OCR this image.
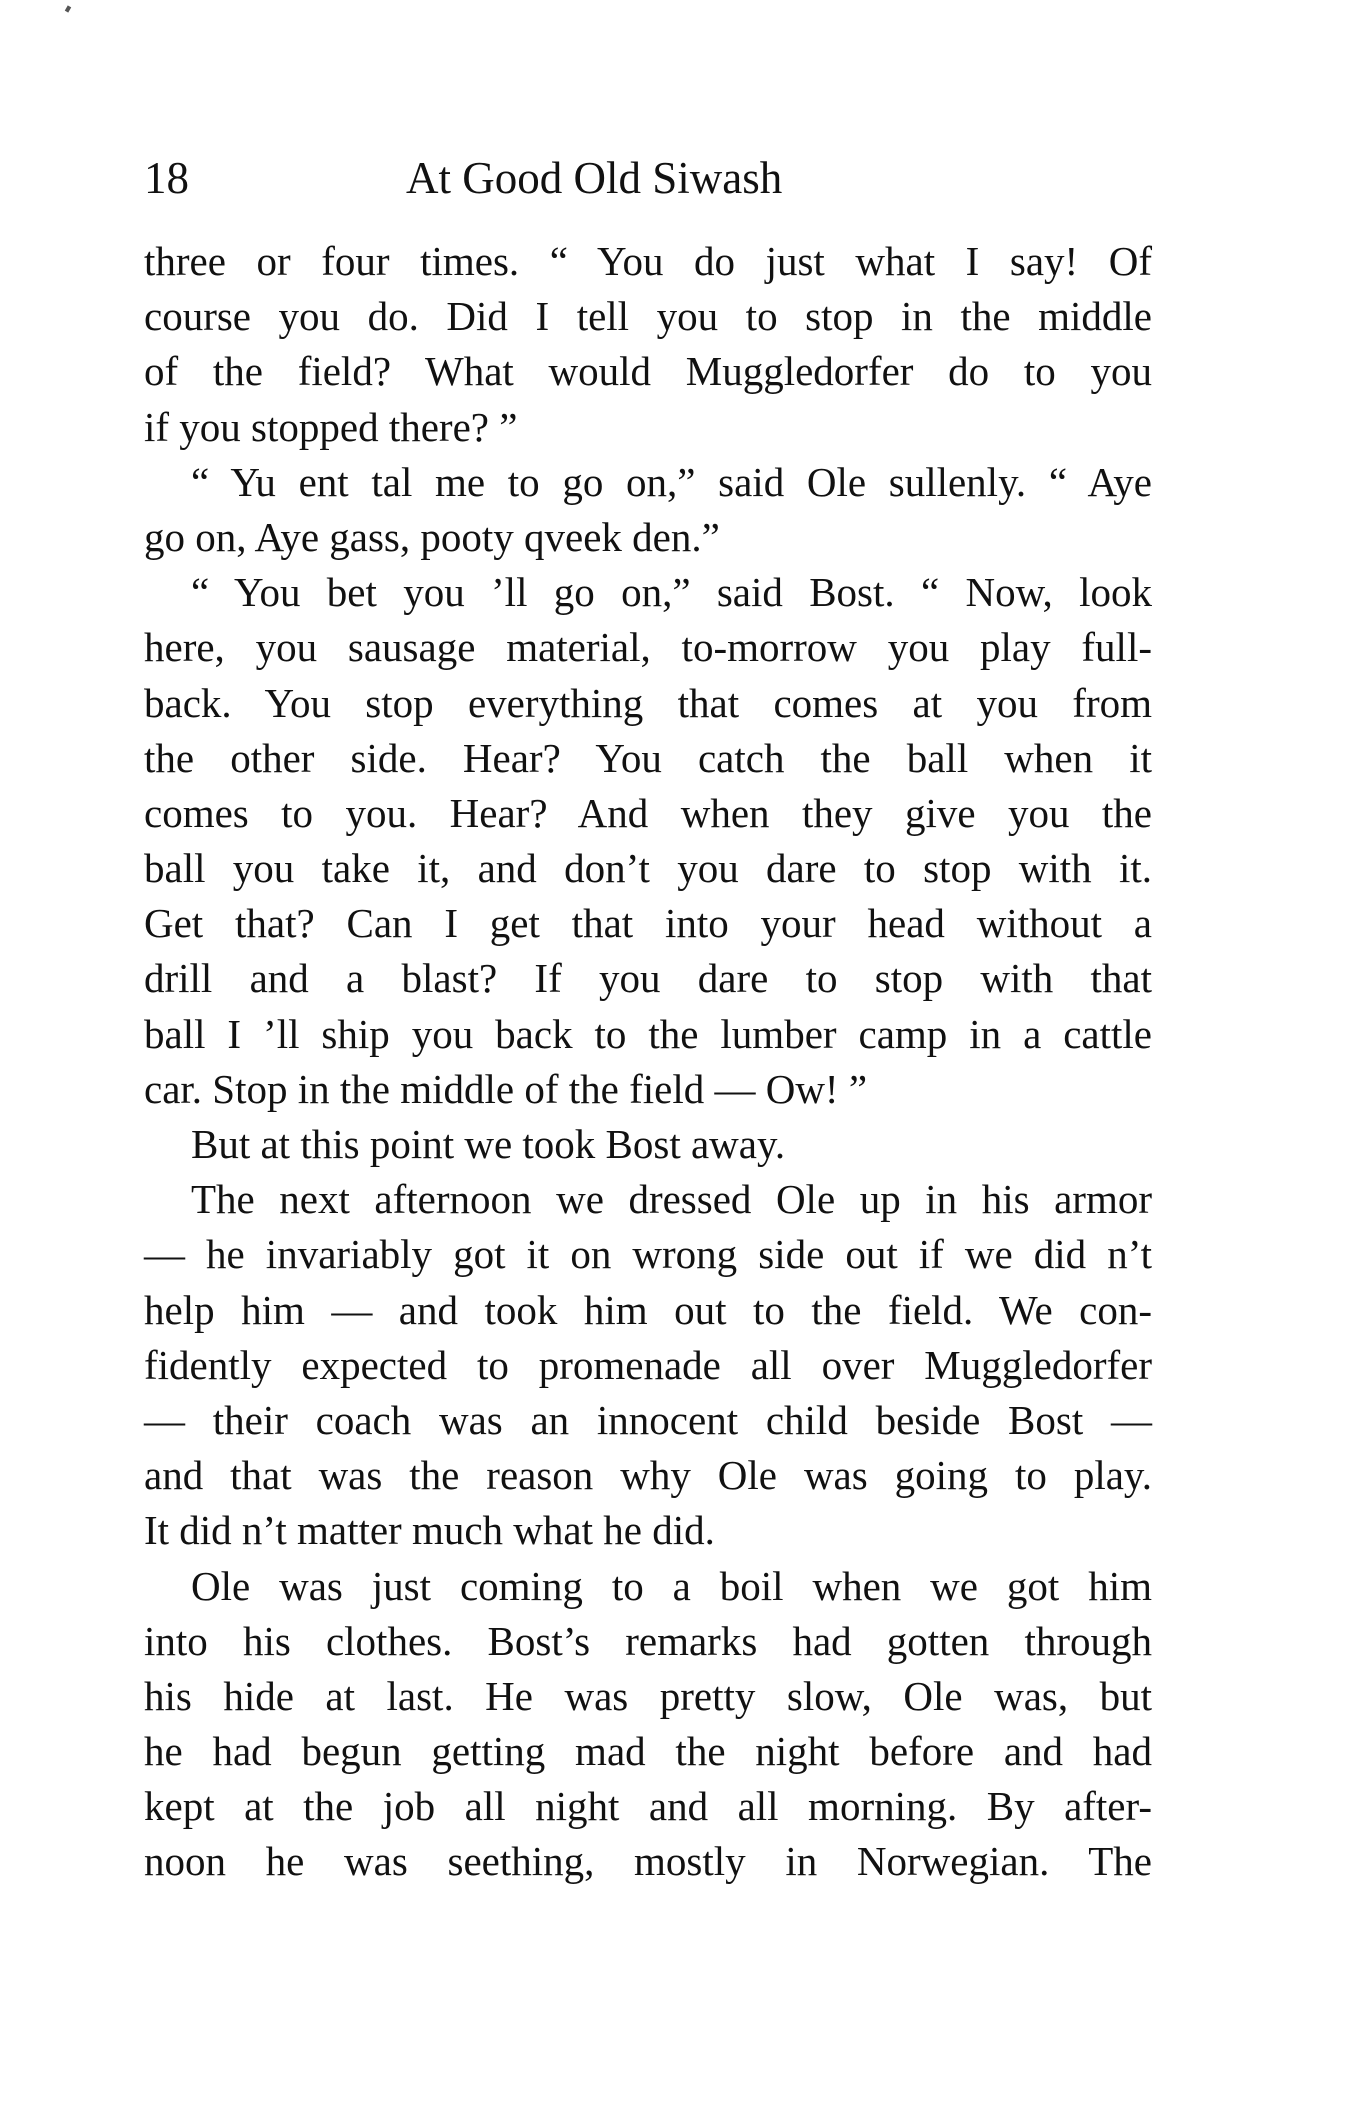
18	At Good Old Siwash
three or four times. “ You do just what I say! Of
course you do. Did I tell you to stop in the middle
of the field? What would Muggledorfer do to you
if you stopped there? ”
“ Yu ent tal me to go on,” said Ole sullenly. “ Aye
go on, Aye gass, pooty qveek den.”
“ You bet you ’ll go on,” said Bost. “ Now, look
here, you sausage material, to-morrow you play full-
back. You stop everything that comes at you from
the other side. Hear? You catch the ball when it
comes to you. Hear? And when they give you the
ball you take it, and don’t you dare to stop with it.
Get that? Can I get that into your head without a
drill and a blast? If you dare to stop with that
ball I ’ll ship you back to the lumber camp in a cattle
car. Stop in the middle of the field — Ow! ”
But at this point we took Bost away.
The next afternoon we dressed Ole up in his armor
— he invariably got it on wrong side out if we did n’t
help him — and took him out to the field. We con-
fidently expected to promenade all over Muggledorfer
— their coach was an innocent child beside Bost —
and that was the reason why Ole was going to play.
It did n’t matter much what he did.
Ole was just coming to a boil when we got him
into his clothes. Bost’s remarks had gotten through
his hide at last. He was pretty slow, Ole was, but
he had begun getting mad the night before and had
kept at the job all night and all morning. By after-
noon he was seething, mostly in Norwegian. The
